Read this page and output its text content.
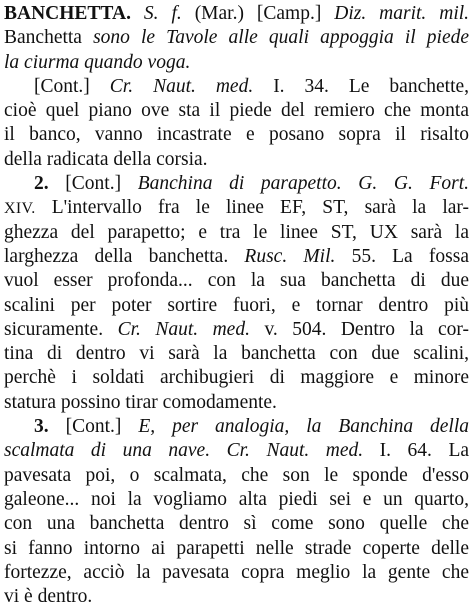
BANCHETTA. S. f. (Mar.) [Camp.] Diz. marit. mil.
Banchetta sono le Tavole alle quali appoggia il piede
la ciurma quando voga.
[Cont.] Cr. Naut. med. I. 34. Le banchette,
cioè quel piano ove sta il piede del remiero che monta
il banco, vanno incastrate e posano sopra il risalto
della radicata della corsia.
2. [Cont.] Banchina di parapetto. G. G. Fort.
XIV. L'intervallo fra le linee EF, ST, sarà la lar-
ghezza del parapetto; e tra le linee ST, UX sarà la
larghezza della banchetta. Rusc. Mil. 55. La fossa
vuol esser profonda... con la sua banchetta di due
scalini per poter sortire fuori, e tornar dentro più
sicuramente. Cr. Naut. med. v. 504. Dentro la cor-
tina di dentro vi sarà la banchetta con due scalini,
perchè i soldati archibugieri di maggiore e minore
statura possino tirar comodamente.
3. [Cont.] E, per analogia, la Banchina della
scalmata di una nave. Cr. Naut. med. I. 64. La
pavesata poi, o scalmata, che son le sponde d'esso
galeone... noi la vogliamo alta piedi sei e un quarto,
con una banchetta dentro sì come sono quelle che
si fanno intorno ai parapetti nelle strade coperte delle
fortezze, acciò la pavesata copra meglio la gente che
vi è dentro.
